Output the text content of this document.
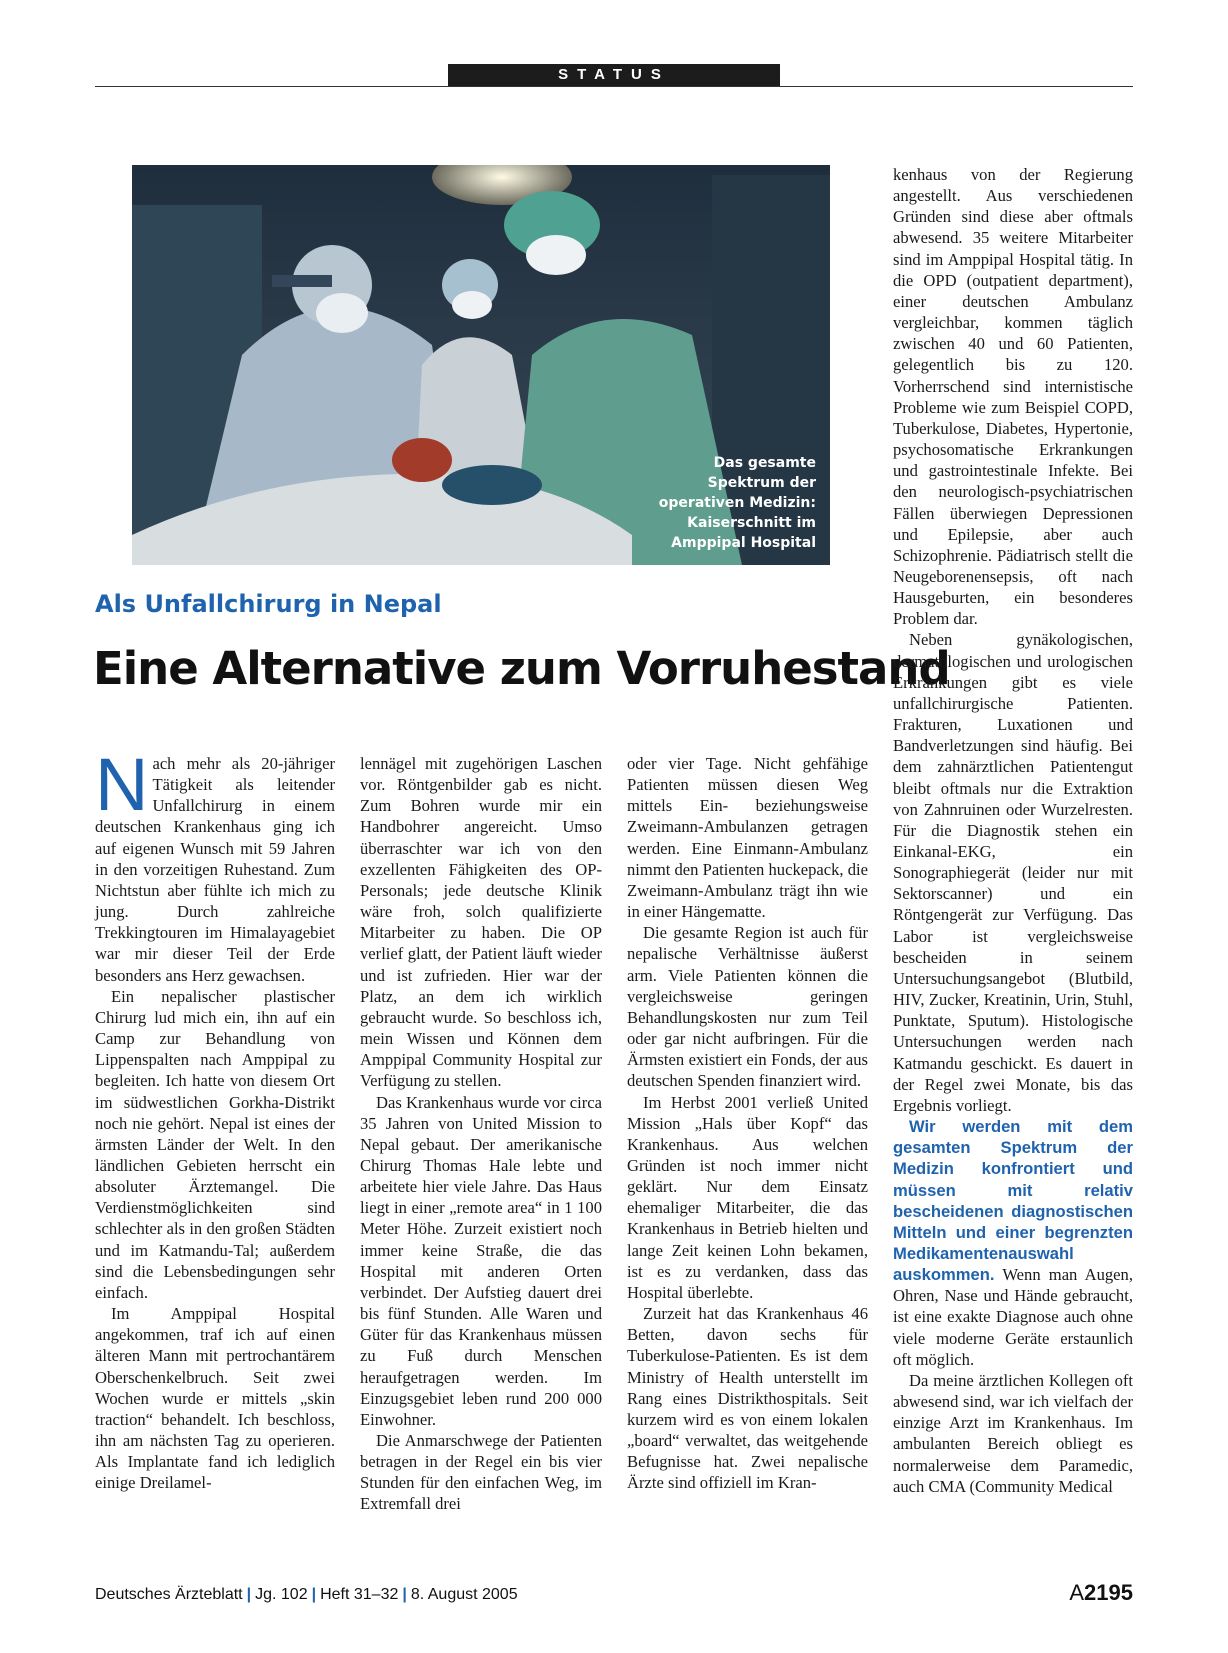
STATUS
Das gesamte
Spektrum der
operativen Medizin:
Kaiserschnitt im
Amppipal Hospital
Als Unfallchirurg in Nepal
Eine Alternative zum Vorruhestand

Nach mehr als 20-jähriger Tätigkeit als leitender Unfallchirurg in einem deutschen Krankenhaus ging ich auf eigenen Wunsch mit 59 Jahren in den vorzeitigen Ruhestand. Zum Nichtstun aber fühlte ich mich zu jung. Durch zahlreiche Trekkingtouren im Himalayagebiet war mir dieser Teil der Erde besonders ans Herz gewachsen.

Ein nepalischer plastischer Chirurg lud mich ein, ihn auf ein Camp zur Behandlung von Lippenspalten nach Amppipal zu begleiten. Ich hatte von diesem Ort im südwestlichen Gorkha-Distrikt noch nie gehört. Nepal ist eines der ärmsten Länder der Welt. In den ländlichen Gebieten herrscht ein absoluter Ärztemangel. Die Verdienstmöglichkeiten sind schlechter als in den großen Städten und im Katmandu-Tal; außerdem sind die Lebensbedingungen sehr einfach.

Im Amppipal Hospital angekommen, traf ich auf einen älteren Mann mit pertrochantärem Oberschenkelbruch. Seit zwei Wochen wurde er mittels „skin traction“ behandelt. Ich beschloss, ihn am nächsten Tag zu operieren. Als Implantate fand ich lediglich einige Dreilamel-

lennägel mit zugehörigen Laschen vor. Röntgenbilder gab es nicht. Zum Bohren wurde mir ein Handbohrer angereicht. Umso überraschter war ich von den exzellenten Fähigkeiten des OP-Personals; jede deutsche Klinik wäre froh, solch qualifizierte Mitarbeiter zu haben. Die OP verlief glatt, der Patient läuft wieder und ist zufrieden. Hier war der Platz, an dem ich wirklich gebraucht wurde. So beschloss ich, mein Wissen und Können dem Amppipal Community Hospital zur Verfügung zu stellen.

Das Krankenhaus wurde vor circa 35 Jahren von United Mission to Nepal gebaut. Der amerikanische Chirurg Thomas Hale lebte und arbeitete hier viele Jahre. Das Haus liegt in einer „remote area“ in 1 100 Meter Höhe. Zurzeit existiert noch immer keine Straße, die das Hospital mit anderen Orten verbindet. Der Aufstieg dauert drei bis fünf Stunden. Alle Waren und Güter für das Krankenhaus müssen zu Fuß durch Menschen heraufgetragen werden. Im Einzugsgebiet leben rund 200 000 Einwohner.

Die Anmarschwege der Patienten betragen in der Regel ein bis vier Stunden für den einfachen Weg, im Extremfall drei

oder vier Tage. Nicht gehfähige Patienten müssen diesen Weg mittels Ein- beziehungsweise Zweimann-Ambulanzen getragen werden. Eine Einmann-Ambulanz nimmt den Patienten huckepack, die Zweimann-Ambulanz trägt ihn wie in einer Hängematte.

Die gesamte Region ist auch für nepalische Verhältnisse äußerst arm. Viele Patienten können die vergleichsweise geringen Behandlungskosten nur zum Teil oder gar nicht aufbringen. Für die Ärmsten existiert ein Fonds, der aus deutschen Spenden finanziert wird.

Im Herbst 2001 verließ United Mission „Hals über Kopf“ das Krankenhaus. Aus welchen Gründen ist noch immer nicht geklärt. Nur dem Einsatz ehemaliger Mitarbeiter, die das Krankenhaus in Betrieb hielten und lange Zeit keinen Lohn bekamen, ist es zu verdanken, dass das Hospital überlebte.

Zurzeit hat das Krankenhaus 46 Betten, davon sechs für Tuberkulose-Patienten. Es ist dem Ministry of Health unterstellt im Rang eines Distrikthospitals. Seit kurzem wird es von einem lokalen „board“ verwaltet, das weitgehende Befugnisse hat. Zwei nepalische Ärzte sind offiziell im Kran-

kenhaus von der Regierung angestellt. Aus verschiedenen Gründen sind diese aber oftmals abwesend. 35 weitere Mitarbeiter sind im Amppipal Hospital tätig. In die OPD (outpatient department), einer deutschen Ambulanz vergleichbar, kommen täglich zwischen 40 und 60 Patienten, gelegentlich bis zu 120. Vorherrschend sind internistische Probleme wie zum Beispiel COPD, Tuberkulose, Diabetes, Hypertonie, psychosomatische Erkrankungen und gastrointestinale Infekte. Bei den neurologisch-psychiatrischen Fällen überwiegen Depressionen und Epilepsie, aber auch Schizophrenie. Pädiatrisch stellt die Neugeborenensepsis, oft nach Hausgeburten, ein besonderes Problem dar.

Neben gynäkologischen, dermatologischen und urologischen Erkrankungen gibt es viele unfallchirurgische Patienten. Frakturen, Luxationen und Bandverletzungen sind häufig. Bei dem zahnärztlichen Patientengut bleibt oftmals nur die Extraktion von Zahnruinen oder Wurzelresten. Für die Diagnostik stehen ein Einkanal-EKG, ein Sonographiegerät (leider nur mit Sektorscanner) und ein Röntgengerät zur Verfügung. Das Labor ist vergleichsweise bescheiden in seinem Untersuchungsangebot (Blutbild, HIV, Zucker, Kreatinin, Urin, Stuhl, Punktate, Sputum). Histologische Untersuchungen werden nach Katmandu geschickt. Es dauert in der Regel zwei Monate, bis das Ergebnis vorliegt.

Wir werden mit dem gesamten Spektrum der Medizin konfrontiert und müssen mit relativ bescheidenen diagnostischen Mitteln und einer begrenzten Medikamentenauswahl auskommen. Wenn man Augen, Ohren, Nase und Hände gebraucht, ist eine exakte Diagnose auch ohne viele moderne Geräte erstaunlich oft möglich.

Da meine ärztlichen Kollegen oft abwesend sind, war ich vielfach der einzige Arzt im Krankenhaus. Im ambulanten Bereich obliegt es normalerweise dem Paramedic, auch CMA (Community Medical

Deutsches Ärzteblatt | Jg. 102 | Heft 31–32 | 8. August 2005	A2195
